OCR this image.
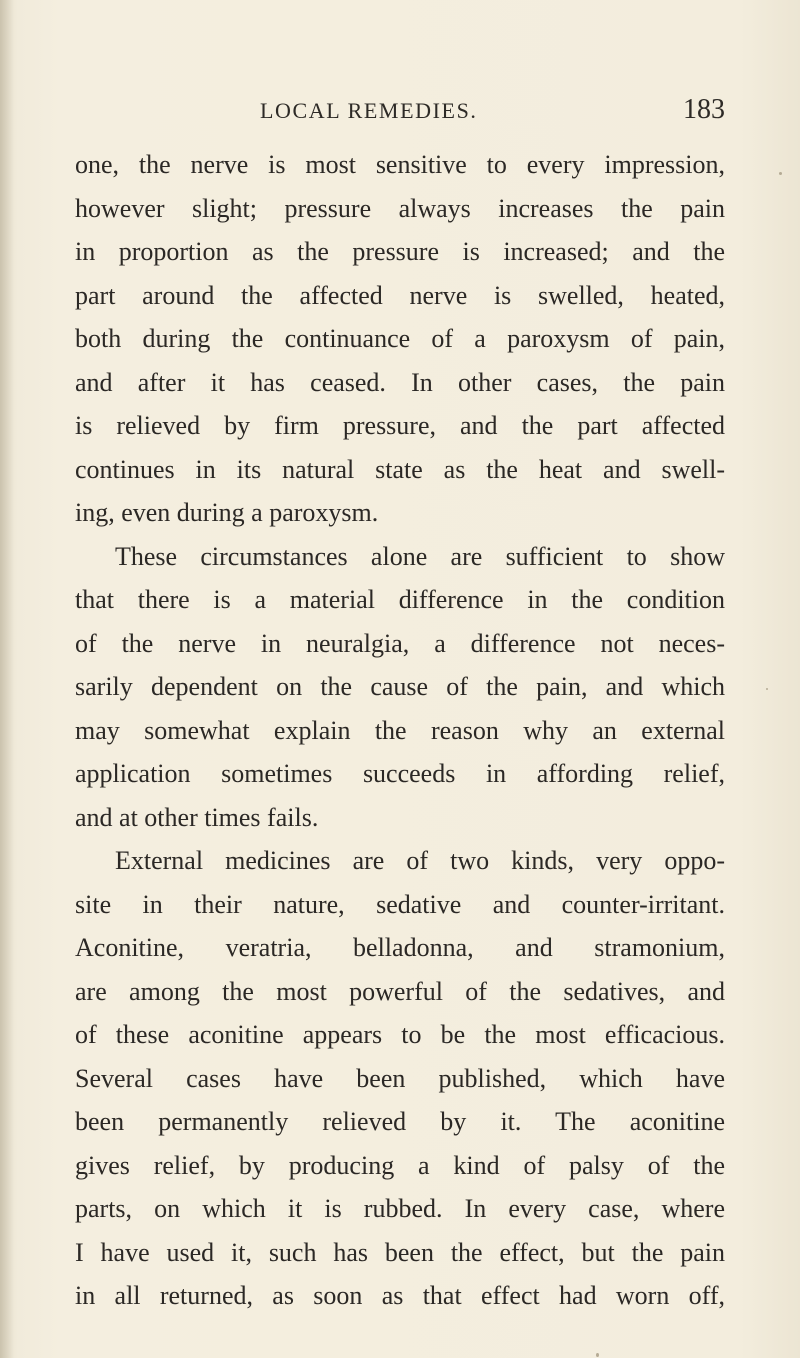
LOCAL REMEDIES.	183
one, the nerve is most sensitive to every impression,
however slight; pressure always increases the pain
in proportion as the pressure is increased; and the
part around the affected nerve is swelled, heated,
both during the continuance of a paroxysm of pain,
and after it has ceased. In other cases, the pain
is relieved by firm pressure, and the part affected
continues in its natural state as the heat and swell-
ing, even during a paroxysm.
These circumstances alone are sufficient to show
that there is a material difference in the condition
of the nerve in neuralgia, a difference not neces-
sarily dependent on the cause of the pain, and which
may somewhat explain the reason why an external
application sometimes succeeds in affording relief,
and at other times fails.
External medicines are of two kinds, very oppo-
site in their nature, sedative and counter-irritant.
Aconitine, veratria, belladonna, and stramonium,
are among the most powerful of the sedatives, and
of these aconitine appears to be the most efficacious.
Several cases have been published, which have
been permanently relieved by it. The aconitine
gives relief, by producing a kind of palsy of the
parts, on which it is rubbed. In every case, where
I have used it, such has been the effect, but the pain
in all returned, as soon as that effect had worn off,
